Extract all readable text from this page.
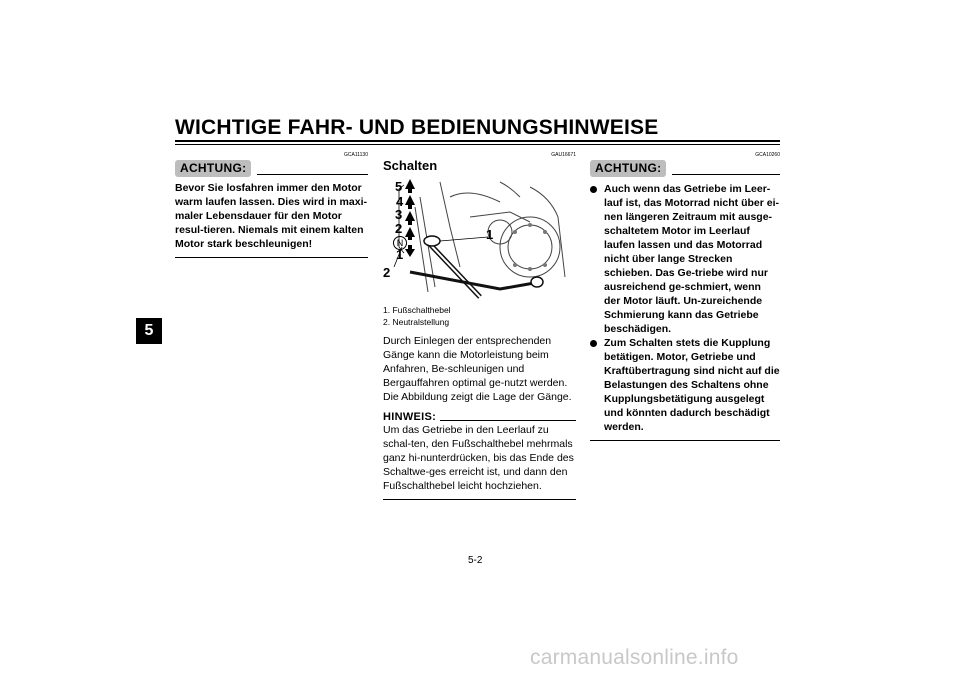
WICHTIGE FAHR- UND BEDIENUNGSHINWEISE
5
GCA11130
ACHTUNG:
Bevor Sie losfahren immer den Motor warm laufen lassen. Dies wird in maxi-maler Lebensdauer für den Motor resul-tieren. Niemals mit einem kalten Motor stark beschleunigen!
GAU16671
Schalten
5
4
3
2
N
1
1
2
1. Fußschalthebel
2. Neutralstellung
Durch Einlegen der entsprechenden Gänge kann die Motorleistung beim Anfahren, Be-schleunigen und Bergauffahren optimal ge-nutzt werden.
Die Abbildung zeigt die Lage der Gänge.
HINWEIS:
Um das Getriebe in den Leerlauf zu schal-ten, den Fußschalthebel mehrmals ganz hi-nunterdrücken, bis das Ende des Schaltwe-ges erreicht ist, und dann den Fußschalthebel leicht hochziehen.
GCA10260
ACHTUNG:
Auch wenn das Getriebe im Leer-lauf ist, das Motorrad nicht über ei-nen längeren Zeitraum mit ausge-schaltetem Motor im Leerlauf laufen lassen und das Motorrad nicht über lange Strecken schieben. Das Ge-triebe wird nur ausreichend ge-schmiert, wenn der Motor läuft. Un-zureichende Schmierung kann das Getriebe beschädigen.
Zum Schalten stets die Kupplung betätigen. Motor, Getriebe und Kraftübertragung sind nicht auf die Belastungen des Schaltens ohne Kupplungsbetätigung ausgelegt und könnten dadurch beschädigt werden.
5-2
carmanualsonline.info
